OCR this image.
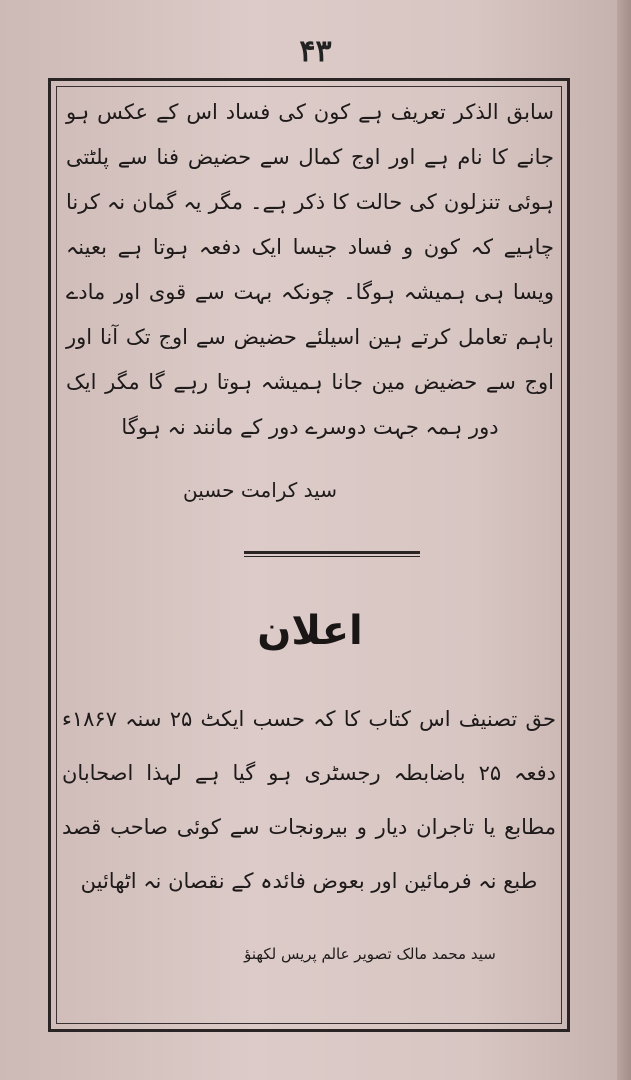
۴۳

سابق الذکر تعریف ہے کون کی فساد اس کے عکس ہو جانے کا نام ہے اور اوج کمال سے حضیض فنا سے پلٹتی ہوئی تنزلون کی حالت کا ذکر ہے۔ مگر یہ گمان نہ کرنا چاہیے کہ کون و فساد جیسا ایک دفعہ ہوتا ہے بعینہ ویسا ہی ہمیشہ ہوگا۔ چونکہ بہت سے قوی اور مادے باہم تعامل کرتے ہین اسیلئے حضیض سے اوج تک آنا اور اوج سے حضیض مین جانا ہمیشہ ہوتا رہے گا مگر ایک دور ہمہ جہت دوسرے دور کے مانند نہ ہوگا

سید کرامت حسین
اعلان

حق تصنیف اس کتاب کا کہ حسب ایکٹ ۲۵ سنہ ۱۸۶۷ء دفعہ ۲۵ باضابطہ رجسٹری ہو گیا ہے لہذا اصحابان مطابع یا تاجران دیار و بیرونجات سے کوئی صاحب قصد طبع نہ فرمائین اور بعوض فائدہ کے نقصان نہ اٹھائین

سید محمد مالک تصویر عالم پریس لکھنؤ
